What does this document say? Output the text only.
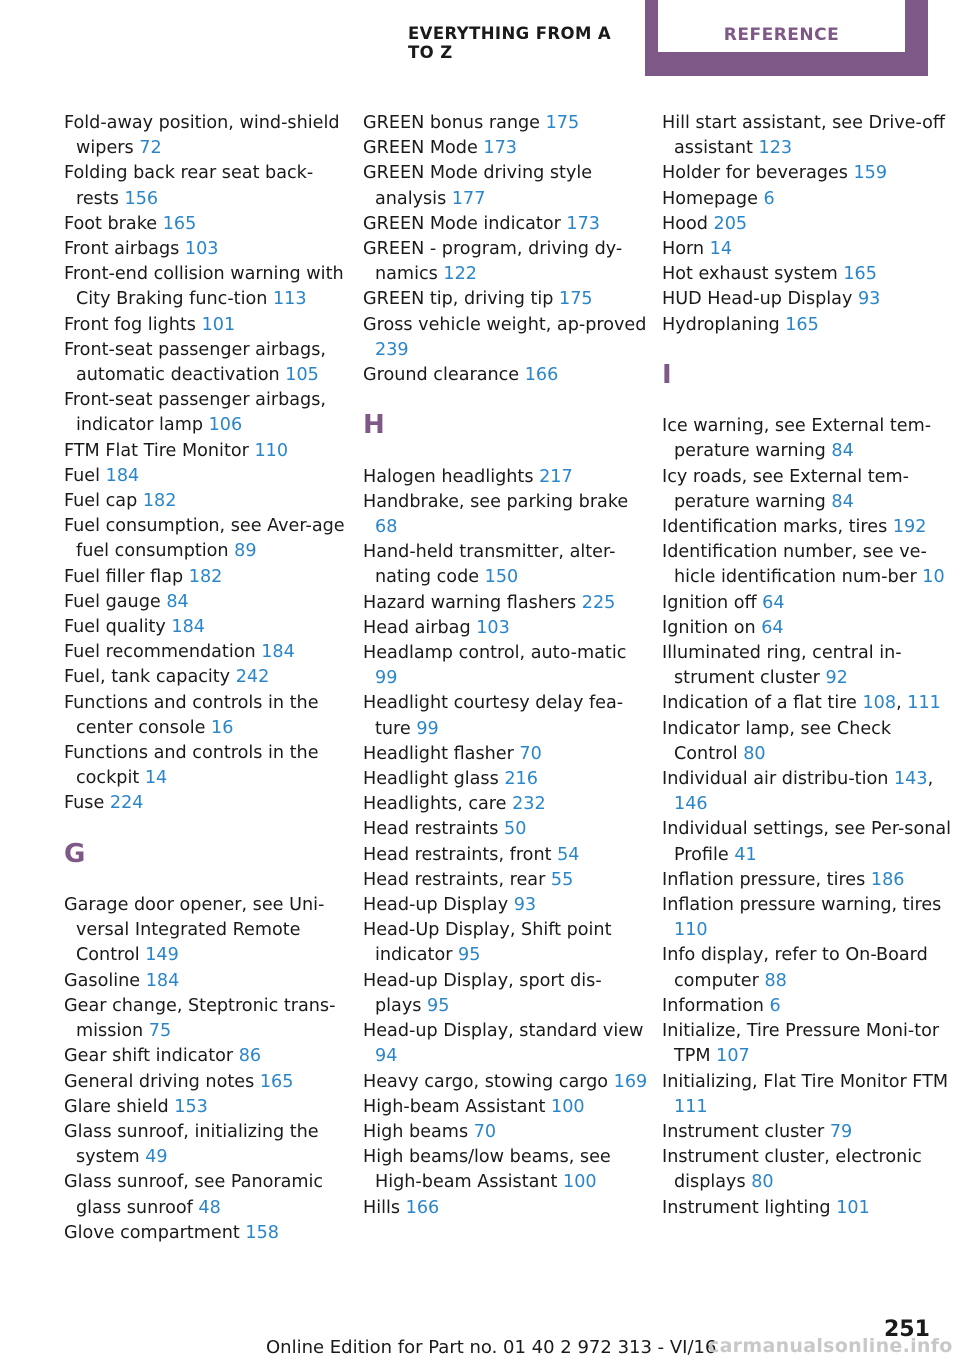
EVERYTHING FROM A TO Z
REFERENCE
Fold-away position, wind-shield wipers 72
Folding back rear seat back-rests 156
Foot brake 165
Front airbags 103
Front-end collision warning with City Braking func-tion 113
Front fog lights 101
Front-seat passenger airbags, automatic deactivation 105
Front-seat passenger airbags, indicator lamp 106
FTM Flat Tire Monitor 110
Fuel 184
Fuel cap 182
Fuel consumption, see Aver-age fuel consumption 89
Fuel filler flap 182
Fuel gauge 84
Fuel quality 184
Fuel recommendation 184
Fuel, tank capacity 242
Functions and controls in the center console 16
Functions and controls in the cockpit 14
Fuse 224
G
Garage door opener, see Uni-versal Integrated Remote Control 149
Gasoline 184
Gear change, Steptronic trans-mission 75
Gear shift indicator 86
General driving notes 165
Glare shield 153
Glass sunroof, initializing the system 49
Glass sunroof, see Panoramic glass sunroof 48
Glove compartment 158
GREEN bonus range 175
GREEN Mode 173
GREEN Mode driving style analysis 177
GREEN Mode indicator 173
GREEN - program, driving dy-namics 122
GREEN tip, driving tip 175
Gross vehicle weight, ap-proved 239
Ground clearance 166
H
Halogen headlights 217
Handbrake, see parking brake 68
Hand-held transmitter, alter-nating code 150
Hazard warning flashers 225
Head airbag 103
Headlamp control, auto-matic 99
Headlight courtesy delay fea-ture 99
Headlight flasher 70
Headlight glass 216
Headlights, care 232
Head restraints 50
Head restraints, front 54
Head restraints, rear 55
Head-up Display 93
Head-Up Display, Shift point indicator 95
Head-up Display, sport dis-plays 95
Head-up Display, standard view 94
Heavy cargo, stowing cargo 169
High-beam Assistant 100
High beams 70
High beams/low beams, see High-beam Assistant 100
Hills 166
Hill start assistant, see Drive-off assistant 123
Holder for beverages 159
Homepage 6
Hood 205
Horn 14
Hot exhaust system 165
HUD Head-up Display 93
Hydroplaning 165
I
Ice warning, see External tem-perature warning 84
Icy roads, see External tem-perature warning 84
Identification marks, tires 192
Identification number, see ve-hicle identification num-ber 10
Ignition off 64
Ignition on 64
Illuminated ring, central in-strument cluster 92
Indication of a flat tire 108, 111
Indicator lamp, see Check Control 80
Individual air distribu-tion 143, 146
Individual settings, see Per-sonal Profile 41
Inflation pressure, tires 186
Inflation pressure warning, tires 110
Info display, refer to On-Board computer 88
Information 6
Initialize, Tire Pressure Moni-tor TPM 107
Initializing, Flat Tire Monitor FTM 111
Instrument cluster 79
Instrument cluster, electronic displays 80
Instrument lighting 101
Online Edition for Part no. 01 40 2 972 313 - VI/16
251
carmanualsonline.info
